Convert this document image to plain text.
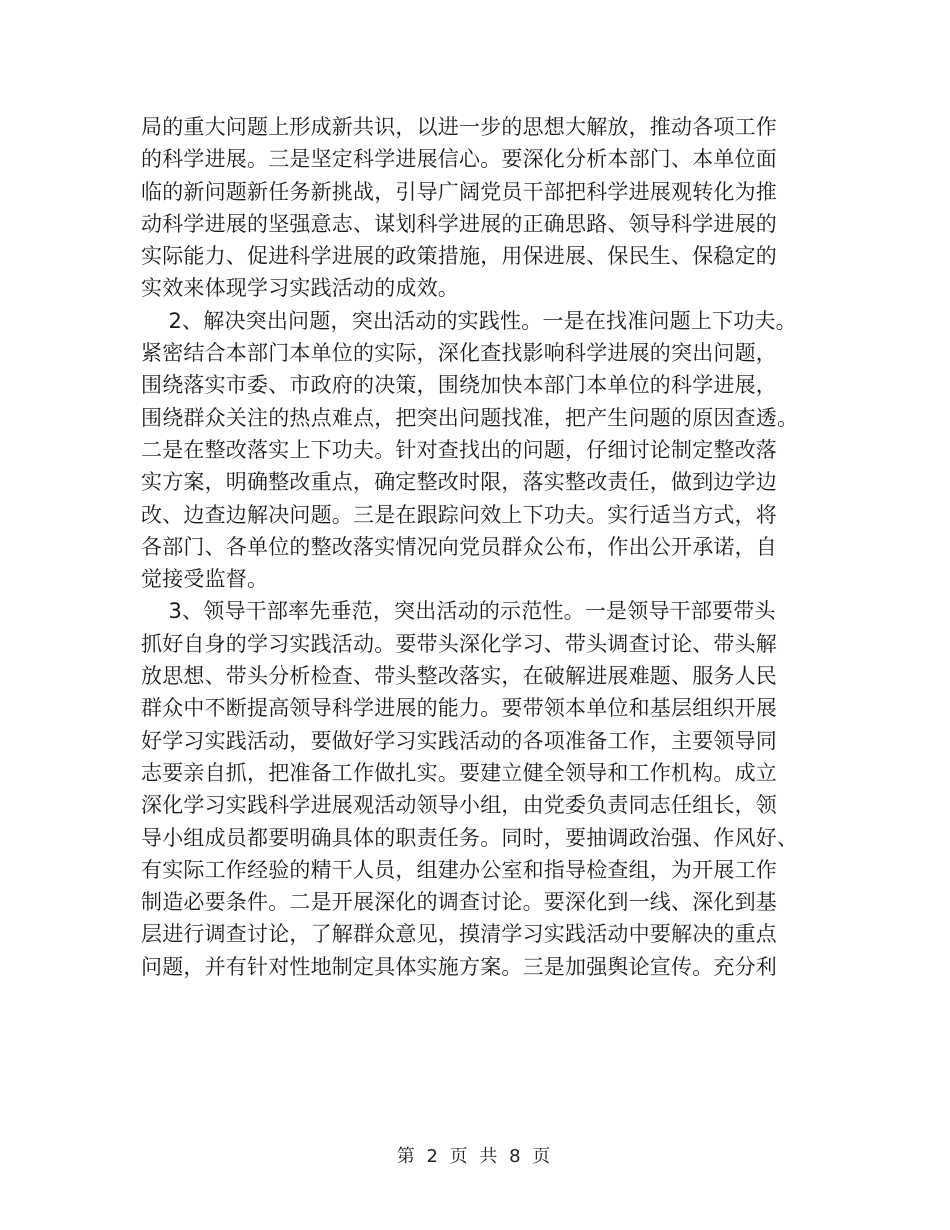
局的重大问题上形成新共识，以进一步的思想大解放，推动各项工作
的科学进展。三是坚定科学进展信心。要深化分析本部门、本单位面
临的新问题新任务新挑战，引导广阔党员干部把科学进展观转化为推
动科学进展的坚强意志、谋划科学进展的正确思路、领导科学进展的
实际能力、促进科学进展的政策措施，用保进展、保民生、保稳定的
实效来体现学习实践活动的成效。
2、解决突出问题，突出活动的实践性。一是在找准问题上下功夫。
紧密结合本部门本单位的实际，深化查找影响科学进展的突出问题，
围绕落实市委、市政府的决策，围绕加快本部门本单位的科学进展，
围绕群众关注的热点难点，把突出问题找准，把产生问题的原因查透。
二是在整改落实上下功夫。针对查找出的问题，仔细讨论制定整改落
实方案，明确整改重点，确定整改时限，落实整改责任，做到边学边
改、边查边解决问题。三是在跟踪问效上下功夫。实行适当方式，将
各部门、各单位的整改落实情况向党员群众公布，作出公开承诺，自
觉接受监督。
3、领导干部率先垂范，突出活动的示范性。一是领导干部要带头
抓好自身的学习实践活动。要带头深化学习、带头调查讨论、带头解
放思想、带头分析检查、带头整改落实，在破解进展难题、服务人民
群众中不断提高领导科学进展的能力。要带领本单位和基层组织开展
好学习实践活动，要做好学习实践活动的各项准备工作，主要领导同
志要亲自抓，把准备工作做扎实。要建立健全领导和工作机构。成立
深化学习实践科学进展观活动领导小组，由党委负责同志任组长，领
导小组成员都要明确具体的职责任务。同时，要抽调政治强、作风好、
有实际工作经验的精干人员，组建办公室和指导检查组，为开展工作
制造必要条件。二是开展深化的调查讨论。要深化到一线、深化到基
层进行调查讨论，了解群众意见，摸清学习实践活动中要解决的重点
问题，并有针对性地制定具体实施方案。三是加强舆论宣传。充分利
第 2 页 共 8 页
